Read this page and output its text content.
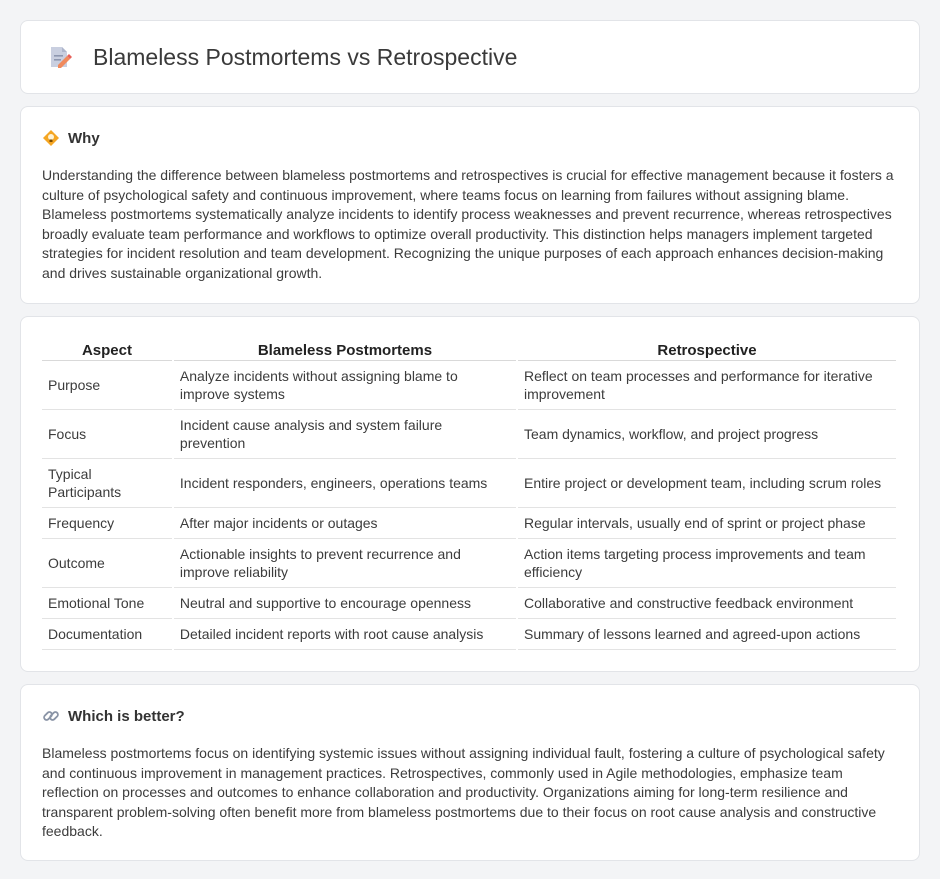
Blameless Postmortems vs Retrospective
Why

Understanding the difference between blameless postmortems and retrospectives is crucial for effective management because it fosters a culture of psychological safety and continuous improvement, where teams focus on learning from failures without assigning blame. Blameless postmortems systematically analyze incidents to identify process weaknesses and prevent recurrence, whereas retrospectives broadly evaluate team performance and workflows to optimize overall productivity. This distinction helps managers implement targeted strategies for incident resolution and team development. Recognizing the unique purposes of each approach enhances decision-making and drives sustainable organizational growth.

Aspect	Blameless Postmortems	Retrospective
Purpose	Analyze incidents without assigning blame to improve systems	Reflect on team processes and performance for iterative improvement
Focus	Incident cause analysis and system failure prevention	Team dynamics, workflow, and project progress
Typical Participants	Incident responders, engineers, operations teams	Entire project or development team, including scrum roles
Frequency	After major incidents or outages	Regular intervals, usually end of sprint or project phase
Outcome	Actionable insights to prevent recurrence and improve reliability	Action items targeting process improvements and team efficiency
Emotional Tone	Neutral and supportive to encourage openness	Collaborative and constructive feedback environment
Documentation	Detailed incident reports with root cause analysis	Summary of lessons learned and agreed-upon actions
Which is better?

Blameless postmortems focus on identifying systemic issues without assigning individual fault, fostering a culture of psychological safety and continuous improvement in management practices. Retrospectives, commonly used in Agile methodologies, emphasize team reflection on processes and outcomes to enhance collaboration and productivity. Organizations aiming for long-term resilience and transparent problem-solving often benefit more from blameless postmortems due to their focus on root cause analysis and constructive feedback.
